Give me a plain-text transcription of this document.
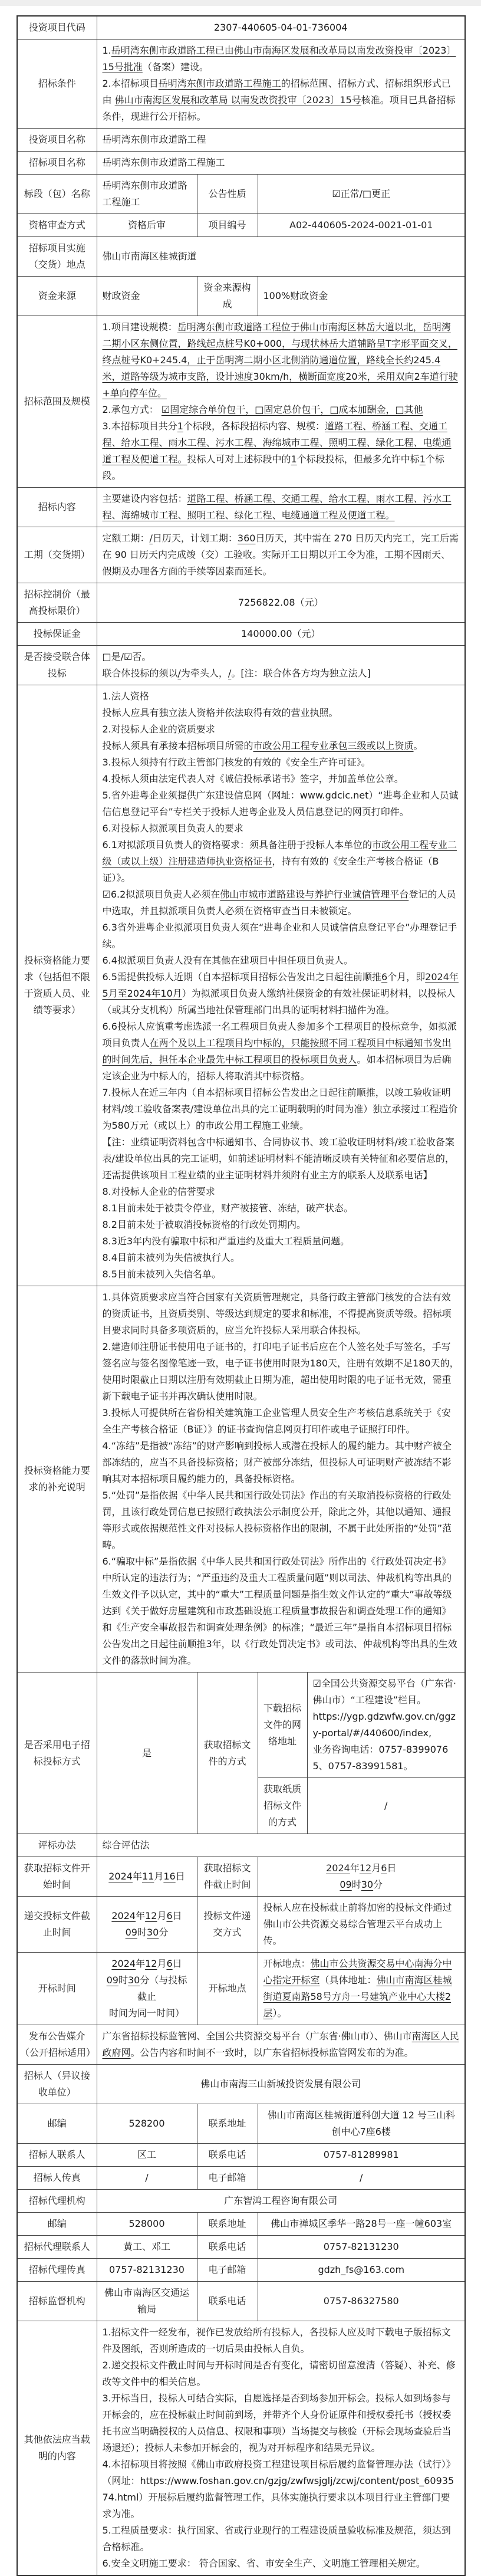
投资项目代码	2307-440605-04-01-736004			
招标条件	1.岳明湾东侧市政道路工程已由佛山市南海区发展和改革局以南发改资投审〔2023〕15号批准（备案）建设。

2.本招标项目岳明湾东侧市政道路工程施工的招标范围、招标方式、招标组织形式已由 佛山市南海区发展和改革局 以南发改资投审〔2023〕15号核准。项目已具备招标条件，现进行公开招标。			

投资项目名称	岳明湾东侧市政道路工程			
招标项目名称	岳明湾东侧市政道路工程施工			
标段（包）名称	岳明湾东侧市政道路工程施工	公告性质	☑正常/□更正	
资格审查方式	资格后审	项目编号	A02-440605-2024-0021-01-01	
招标项目实施（交货）地点	佛山市南海区桂城街道			
资金来源	财政资金	资金来源构成	100%财政资金	
招标范围及规模	1.项目建设规模：岳明湾东侧市政道路工程位于佛山市南海区林岳大道以北，岳明湾二期小区东侧位置，路线起点桩号K0+000，与现状林岳大道辅路呈T字形平面交叉，终点桩号K0+245.4，止于岳明湾二期小区北侧消防通道位置，路线全长约245.4米，道路等级为城市支路，设计速度30km/h，横断面宽度20米，采用双向2车道行驶+单向停车位。

2.承包方式： ☑固定综合单价包干，□固定总价包干，□成本加酬金，□其他

3.本招标项目共分1个标段，各标段招标内容、规模：道路工程、桥涵工程、交通工程、给水工程、雨水工程、污水工程、海绵城市工程、照明工程、绿化工程、电缆通道工程及便道工程。投标人可对上述标段中的1个标段投标，但最多允许中标1个标段。			

招标内容	主要建设内容包括：道路工程、桥涵工程、交通工程、给水工程、雨水工程、污水工程、海绵城市工程、照明工程、绿化工程、电缆通道工程及便道工程。			

工期（交货期）	定额工期：/日历天，计划工期：360日历天，其中需在 270 日历天内完工，完工后需在 90 日历天内完成竣（交）工验收。实际开工日期以开工令为准，工期不因雨天、假期及办理各方面的手续等因素而延长。			

招标控制价（最高投标限价）	7256822.08（元）			
投标保证金	140000.00（元）			
是否接受联合体投标	□是/☑否。

联合体投标的须以/为牵头人，/。[注：联合体各方均为独立法人]			

投标资格能力要求（包括但不限于资质人员、业绩等要求）	

1.法人资格

投标人应具有独立法人资格并依法取得有效的营业执照。

2.对投标人企业的资质要求

投标人须具有承接本招标项目所需的市政公用工程专业承包三级或以上资质。

3.投标人须持有行政主管部门核发的有效的《安全生产许可证》。

4.投标人须由法定代表人对《诚信投标承诺书》签字，并加盖单位公章。

5.省外进粤企业须提供广东建设信息网（网址：www.gdcic.net）“进粤企业和人员诚信信息登记平台”专栏关于投标人进粤企业及人员信息登记的网页打印件。

6.对投标人拟派项目负责人的要求

6.1对拟派项目负责人的资格要求：须具备注册于投标人本单位的市政公用工程专业二级（或以上级）注册建造师执业资格证书，持有有效的《安全生产考核合格证（B证）》。

☑6.2拟派项目负责人必须在佛山市城市道路建设与养护行业诚信管理平台登记的人员中选取，并且拟派项目负责人必须在资格审查当日未被锁定。

6.3省外进粤企业拟派项目负责人须在“进粤企业和人员诚信信息登记平台”办理登记手续。

6.4拟派项目负责人没有在其他在建项目中担任项目负责人。

6.5需提供投标人近期（自本招标项目招标公告发出之日起往前顺推6个月，即2024年5月至2024年10月）为拟派项目负责人缴纳社保资金的有效社保证明材料，以投标人（或其分支机构）所属当地社保管理部门出具的证明材料扫描件为准。

6.6投标人应慎重考虑选派一名工程项目负责人参加多个工程项目的投标竞争，如拟派项目负责人在两个及以上工程项目均中标的，只能按照不同工程项目中标通知书发出的时间先后，担任本企业最先中标工程项目的投标项目负责人。如本招标项目为后确定该企业为中标人的，招标人将取消其中标资格。

7.投标人在近三年内（自本招标项目招标公告发出之日起往前顺推，以竣工验收证明材料/竣工验收备案表/建设单位出具的完工证明载明的时间为准）独立承接过工程造价为580万元（或以上）的市政公用工程施工业绩。

【注：业绩证明资料包含中标通知书、合同协议书、竣工验收证明材料/竣工验收备案表/建设单位出具的完工证明，如前述证明材料不能清晰反映有关特征和必要信息的，还需提供该项目工程业绩的业主证明材料并须附有业主方的联系人及联系电话】

8.对投标人企业的信誉要求

8.1目前未处于被责令停业，财产被接管、冻结，破产状态。

8.2目前未处于被取消投标资格的行政处罚期内。

8.3近3年内没有骗取中标和严重违约及重大工程质量问题。

8.4目前未被列为失信被执行人。

8.5目前未被列入失信名单。

投标资格能力要求的补充说明	

1.具体资质要求应当符合国家有关资质管理规定，具备行政主管部门核发的合法有效的资质证书，且资质类别、等级达到规定的要求和标准，不得提高资质等级。招标项目要求同时具备多项资质的，应当允许投标人采用联合体投标。

2.建造师注册证书使用电子证书的，打印电子证书后应在个人签名处手写签名，手写签名应与签名图像笔迹一致，电子证书使用时限为180天，注册有效期不足180天的，使用时限截止日期以注册有效期截止日期为准，超出使用时限的电子证书无效，需重新下载电子证书并再次确认使用时限。

3.投标人可提供所在省份相关建筑施工企业管理人员安全生产考核信息系统关于《安全生产考核合格证（B证）》的证书查询信息网页打印件或电子证照打印件。

4.“冻结”是指被“冻结”的财产影响到投标人或潜在投标人的履约能力。其中财产被全部冻结的，应当不具备投标资格；财产被部分冻结，但投标人可证明财产被冻结不影响其对本招标项目履约能力的，具备投标资格。

5.“处罚”是指依据《中华人民共和国行政处罚法》作出的有关取消投标资格的行政处罚，且该行政处罚信息已按照行政执法公示制度公开，除此之外，其他以通知、通报等形式或依据规范性文件对投标人投标资格作出的限制，不属于此处所指的“处罚”范畴。

6.“骗取中标”是指依据《中华人民共和国行政处罚法》所作出的《行政处罚决定书》中所认定的违法行为；“严重违约及重大工程质量问题”则以司法、仲裁机构等出具的生效文件予以认定，其中的“重大”工程质量问题是指生效文件认定的“重大”事故等级达到《关于做好房屋建筑和市政基础设施工程质量事故报告和调查处理工作的通知》和《生产安全事故报告和调查处理条例》的标准；“最近三年”是指自本招标项目招标公告发出之日起往前顺推3年，以《行政处罚决定书》或司法、仲裁机构等出具的生效文件的落款时间为准。

是否采用电子招标投标方式	是	获取招标文件的方式	下载招标文件的网络地址	☑全国公共资源交易平台（广东省·佛山市）“工程建设”栏目。
https://ygp.gdzwfw.gov.cn/ggzy-portal/#/440600/index,
业务咨询电话：0757-83990765、0757-83991581。
			获取纸质招标文件的方式	/
评标办法	综合评估法			
获取招标文件开始时间	2024年11月16日	获取招标文件截止时间	2024年12月6日
09时30分	
递交投标文件截止时间	2024年12月6日
09时30分	投标文件递交方式	投标人应在投标截止前将加密的投标文件通过佛山市公共资源交易综合管理云平台成功上传。	
开标时间	2024年12月6日
09时30分（与投标截止
时间为同一时间）	开标地点	开标地点：佛山市公共资源交易中心南海分中心指定开标室（具体地址：佛山市南海区桂城街道夏南路58号方舟一号建筑产业中心大楼2层）。	
发布公告媒介（公开招标适用）	广东省招标投标监管网、全国公共资源交易平台（广东省·佛山市）、佛山市南海区人民政府网。公告内容和时间不一致时，以广东省招标投标监管网发布的为准。			
招标人（异议接收单位）	佛山市南海三山新城投资发展有限公司			
邮编	528200	联系地址	佛山市南海区桂城街道科创大道 12 号三山科创中心7座6楼	
招标人联系人	区工	联系电话	0757-81289981	
招标人传真	/	电子邮箱	/	
招标代理机构	广东智鸿工程咨询有限公司			
邮编	528000	联系地址	佛山市禅城区季华一路28号一座一幢603室	
招标代理联系人	黄工、邓工	联系电话	0757-82131230	
招标代理传真	0757-82131230	电子邮箱	gdzh_fs@163.com	
招标监督机构	佛山市南海区交通运输局	联系电话	0757-86327580	
其他依法应当载明的内容	

1.招标文件一经发布，视作已发放给所有投标人，各投标人应及时下载电子版招标文件及图纸，否则所造成的一切后果由投标人自负。

2.递交投标文件截止时间与开标时间是否有变化，请密切留意澄清（答疑）、补充、修改等文件中的相关信息。

3.开标当日，投标人可结合实际，自愿选择是否到场参加开标会。投标人如到场参与开标会的，应在投标截止时间前到场，并带齐个人身份证原件和授权委托书（授权委托书应当明确授权的人员信息、权限和事项）当场提交与核验（开标会现场查验后当场退还）；投标人未参加开标会的，视为对开标程序和结果无异议。

4.本招标项目将按照《佛山市政府投资工程建设项目标后履约监督管理办法（试行）》（网址：https://www.foshan.gov.cn/gzjg/zwfwsjglj/zcwj/content/post_6093574.html）开展标后履约监督管理工作，具体实施执行要求以本项目行业主管部门要求为准。

5.工程质量要求：执行国家、省或行业现行的工程建设质量验收标准及规范，须达到合格标准。

6.安全文明施工要求： 符合国家、省、市安全生产、文明施工管理相关规定。
